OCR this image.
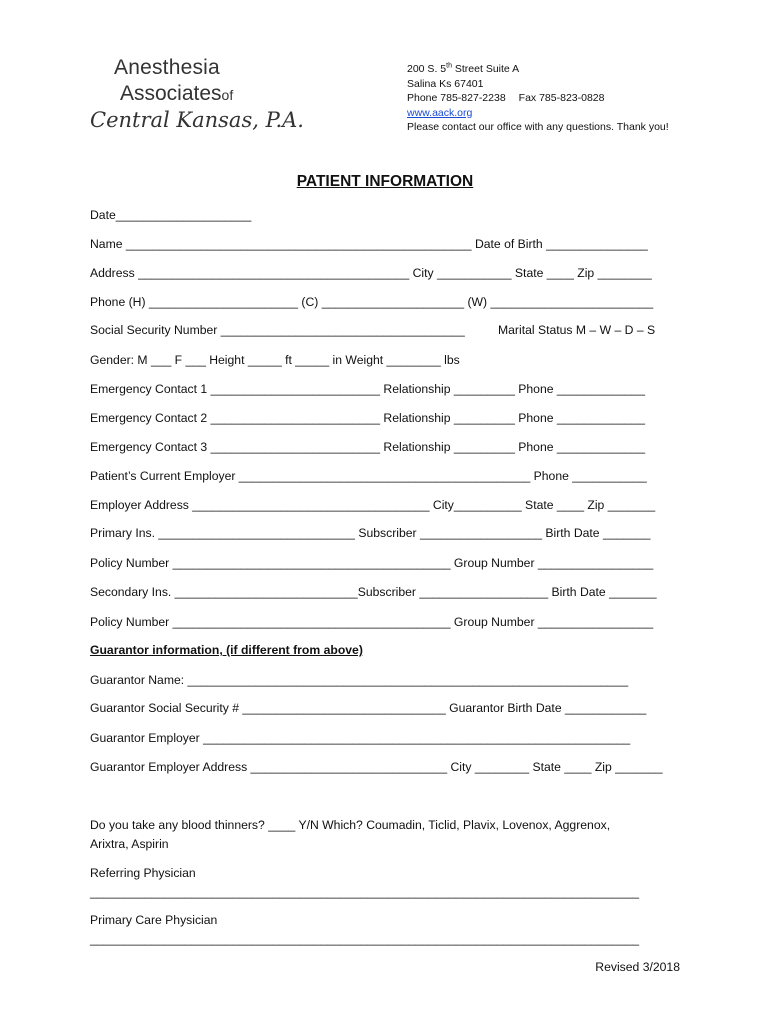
Anesthesia
Associatesof
Central Kansas, P.A.
200 S. 5th Street Suite A
Salina Ks 67401
Phone 785-827-2238 Fax 785-823-0828
www.aack.org
Please contact our office with any questions. Thank you!
PATIENT INFORMATION
Date____________________
Name ___________________________________________________ Date of Birth _______________
Address ________________________________________ City ___________ State ____ Zip ________
Phone (H) ______________________ (C) _____________________ (W) ________________________
Social Security Number ____________________________________	Marital Status M – W – D – S
Gender: M ___ F ___ Height _____ ft _____ in Weight ________ lbs
Emergency Contact 1 _________________________ Relationship _________ Phone _____________
Emergency Contact 2 _________________________ Relationship _________ Phone _____________
Emergency Contact 3 _________________________ Relationship _________ Phone _____________
Patient’s Current Employer ___________________________________________ Phone ___________
Employer Address ___________________________________ City__________ State ____ Zip _______
Primary Ins. _____________________________ Subscriber __________________ Birth Date _______
Policy Number _________________________________________ Group Number _________________
Secondary Ins. ___________________________Subscriber ___________________ Birth Date _______
Policy Number _________________________________________ Group Number _________________
Guarantor information, (if different from above)
Guarantor Name: _________________________________________________________________
Guarantor Social Security # ______________________________ Guarantor Birth Date ____________
Guarantor Employer _______________________________________________________________
Guarantor Employer Address _____________________________ City ________ State ____ Zip _______
Do you take any blood thinners? ____ Y/N Which? Coumadin, Ticlid, Plavix, Lovenox, Aggrenox,
Arixtra, Aspirin
Referring Physician
_________________________________________________________________________________
Primary Care Physician
_________________________________________________________________________________
Revised 3/2018
